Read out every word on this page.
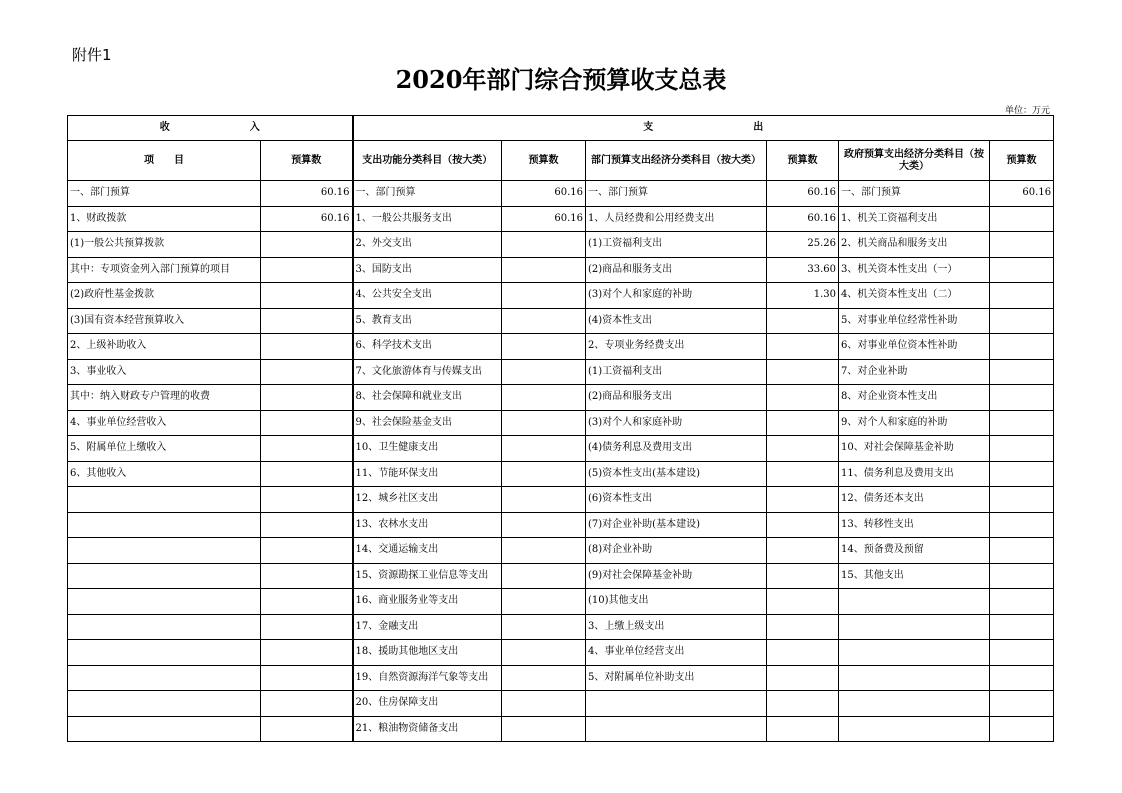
附件1
2020年部门综合预算收支总表
单位：万元
收　　　　　　　　入		支　　　　　　　　　　出					
项　　目	预算数	支出功能分类科目（按大类）	预算数	部门预算支出经济分类科目（按大类）	预算数	政府预算支出经济分类科目（按大类）	预算数
一、部门预算	60.16	一、部门预算	60.16	一、部门预算	60.16	一、部门预算	60.16
1、财政拨款	60.16	1、一般公共服务支出	60.16	1、人员经费和公用经费支出	60.16	1、机关工资福利支出	
(1)一般公共预算拨款		2、外交支出		(1)工资福利支出	25.26	2、机关商品和服务支出	
其中：专项资金列入部门预算的项目		3、国防支出		(2)商品和服务支出	33.60	3、机关资本性支出（一）	
(2)政府性基金拨款		4、公共安全支出		(3)对个人和家庭的补助	1.30	4、机关资本性支出（二）	
(3)国有资本经营预算收入		5、教育支出		(4)资本性支出		5、对事业单位经常性补助	
2、上级补助收入		6、科学技术支出		2、专项业务经费支出		6、对事业单位资本性补助	
3、事业收入		7、文化旅游体育与传媒支出		(1)工资福利支出		7、对企业补助	
其中：纳入财政专户管理的收费		8、社会保障和就业支出		(2)商品和服务支出		8、对企业资本性支出	
4、事业单位经营收入		9、社会保险基金支出		(3)对个人和家庭补助		9、对个人和家庭的补助	
5、附属单位上缴收入		10、卫生健康支出		(4)债务利息及费用支出		10、对社会保障基金补助	
6、其他收入		11、节能环保支出		(5)资本性支出(基本建设)		11、债务利息及费用支出	
		12、城乡社区支出		(6)资本性支出		12、债务还本支出	
		13、农林水支出		(7)对企业补助(基本建设)		13、转移性支出	
		14、交通运输支出		(8)对企业补助		14、预备费及预留	
		15、资源勘探工业信息等支出		(9)对社会保障基金补助		15、其他支出	
		16、商业服务业等支出		(10)其他支出			
		17、金融支出		3、上缴上级支出			
		18、援助其他地区支出		4、事业单位经营支出			
		19、自然资源海洋气象等支出		5、对附属单位补助支出			
		20、住房保障支出					
		21、粮油物资储备支出					
